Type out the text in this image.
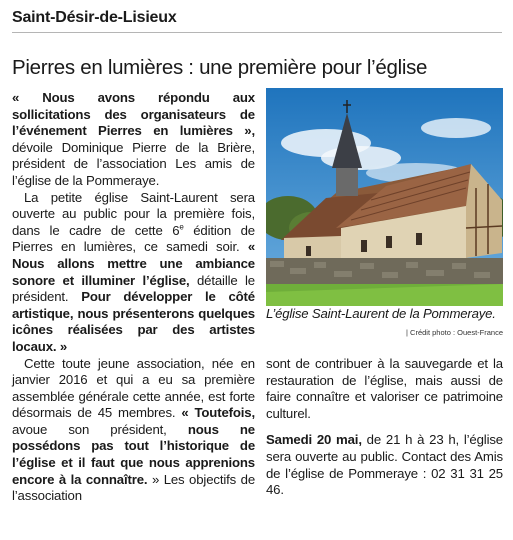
Saint-Désir-de-Lisieux
Pierres en lumières : une première pour l’église

« Nous avons répondu aux sollicitations des organisateurs de l’événement Pierres en lumières », dévoile Dominique Pierre de la Brière, président de l’association Les amis de l’église de la Pommeraye.

La petite église Saint-Laurent sera ouverte au public pour la première fois, dans le cadre de cette 6e édition de Pierres en lumières, ce samedi soir. « Nous allons mettre une ambiance sonore et illuminer l’église, détaille le président. Pour développer le côté artistique, nous présenterons quelques icônes réalisées par des artistes locaux. »

Cette toute jeune association, née en janvier 2016 et qui a eu sa première assemblée générale cette année, est forte désormais de 45 membres. « Toutefois, avoue son président, nous ne possédons pas tout l’historique de l’église et il faut que nous apprenions encore à la connaître. » Les objectifs de l’association

L’église Saint-Laurent de la Pommeraye.
| Crédit photo : Ouest-France

sont de contribuer à la sauvegarde et la restauration de l’église, mais aussi de faire connaître et valoriser ce patrimoine culturel.

Samedi 20 mai, de 21 h à 23 h, l’église sera ouverte au public. Contact des Amis de l’église de Pommeraye : 02 31 31 25 46.
